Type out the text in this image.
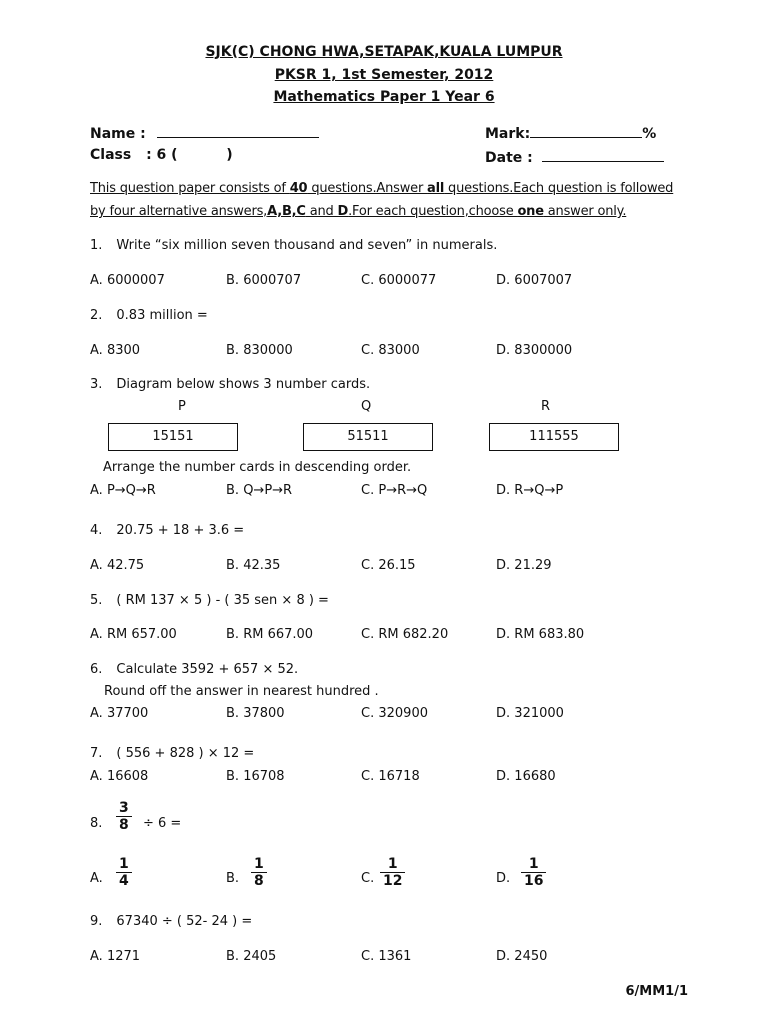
SJK(C) CHONG HWA,SETAPAK,KUALA LUMPUR
PKSR 1, 1st Semester, 2012
Mathematics Paper 1 Year 6
Name :	Mark:	%
Class : 6 (          )	Date :
This question paper consists of 40 questions.Answer all questions.Each question is followed
by four alternative answers,A,B,C and D.For each question,choose one answer only.
1. Write “six million seven thousand and seven” in numerals.
A. 6000007	B. 6000707	C. 6000077	D. 6007007
2. 0.83 million =
A. 8300	B. 830000	C. 83000	D. 8300000
3. Diagram below shows 3 number cards.
P	Q	R
15151	51511	111555
Arrange the number cards in descending order.
A. P→Q→R	B. Q→P→R	C. P→R→Q	D. R→Q→P
4. 20.75 + 18 + 3.6 =
A. 42.75	B. 42.35	C. 26.15	D. 21.29
5. ( RM 137 × 5 ) - ( 35 sen × 8 ) =
A. RM 657.00	B. RM 667.00	C. RM 682.20	D. RM 683.80
6. Calculate 3592 + 657 × 52.
Round off the answer in nearest hundred .
A. 37700	B. 37800	C. 320900	D. 321000
7. ( 556 + 828 ) × 12 =
A. 16608	B. 16708	C. 16718	D. 16680
8.
3
8 ÷ 6 =
A.
1
4	B.
1
8	C.
1
12	D.
1
16
9. 67340 ÷ ( 52- 24 ) =
A. 1271	B. 2405	C. 1361	D. 2450
6/MM1/1
